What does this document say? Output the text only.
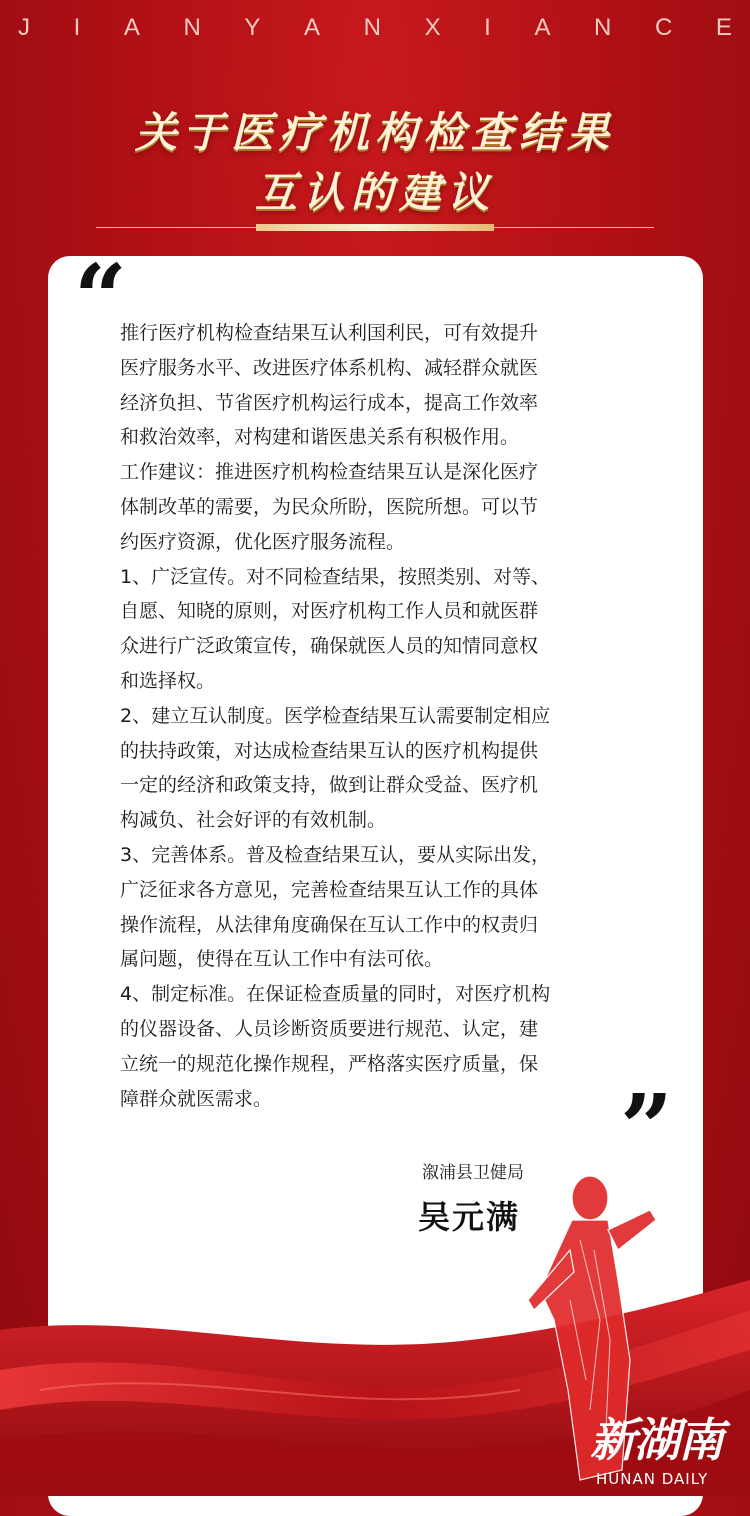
J I A N Y A N X I A N C E
关于医疗机构检查结果
互认的建议
“

推行医疗机构检查结果互认利国利民，可有效提升

医疗服务水平、改进医疗体系机构、减轻群众就医

经济负担、节省医疗机构运行成本，提高工作效率

和救治效率，对构建和谐医患关系有积极作用。

工作建议：推进医疗机构检查结果互认是深化医疗

体制改革的需要，为民众所盼，医院所想。可以节

约医疗资源，优化医疗服务流程。

1、广泛宣传。对不同检查结果，按照类别、对等、

自愿、知晓的原则，对医疗机构工作人员和就医群

众进行广泛政策宣传，确保就医人员的知情同意权

和选择权。

2、建立互认制度。医学检查结果互认需要制定相应

的扶持政策，对达成检查结果互认的医疗机构提供

一定的经济和政策支持，做到让群众受益、医疗机

构减负、社会好评的有效机制。

3、完善体系。普及检查结果互认，要从实际出发，

广泛征求各方意见，完善检查结果互认工作的具体

操作流程，从法律角度确保在互认工作中的权责归

属问题，使得在互认工作中有法可依。

4、制定标准。在保证检查质量的同时，对医疗机构

的仪器设备、人员诊断资质要进行规范、认定，建

立统一的规范化操作规程，严格落实医疗质量，保

障群众就医需求。	”
溆浦县卫健局
吴元满
新湖南
HUNAN DAILY
